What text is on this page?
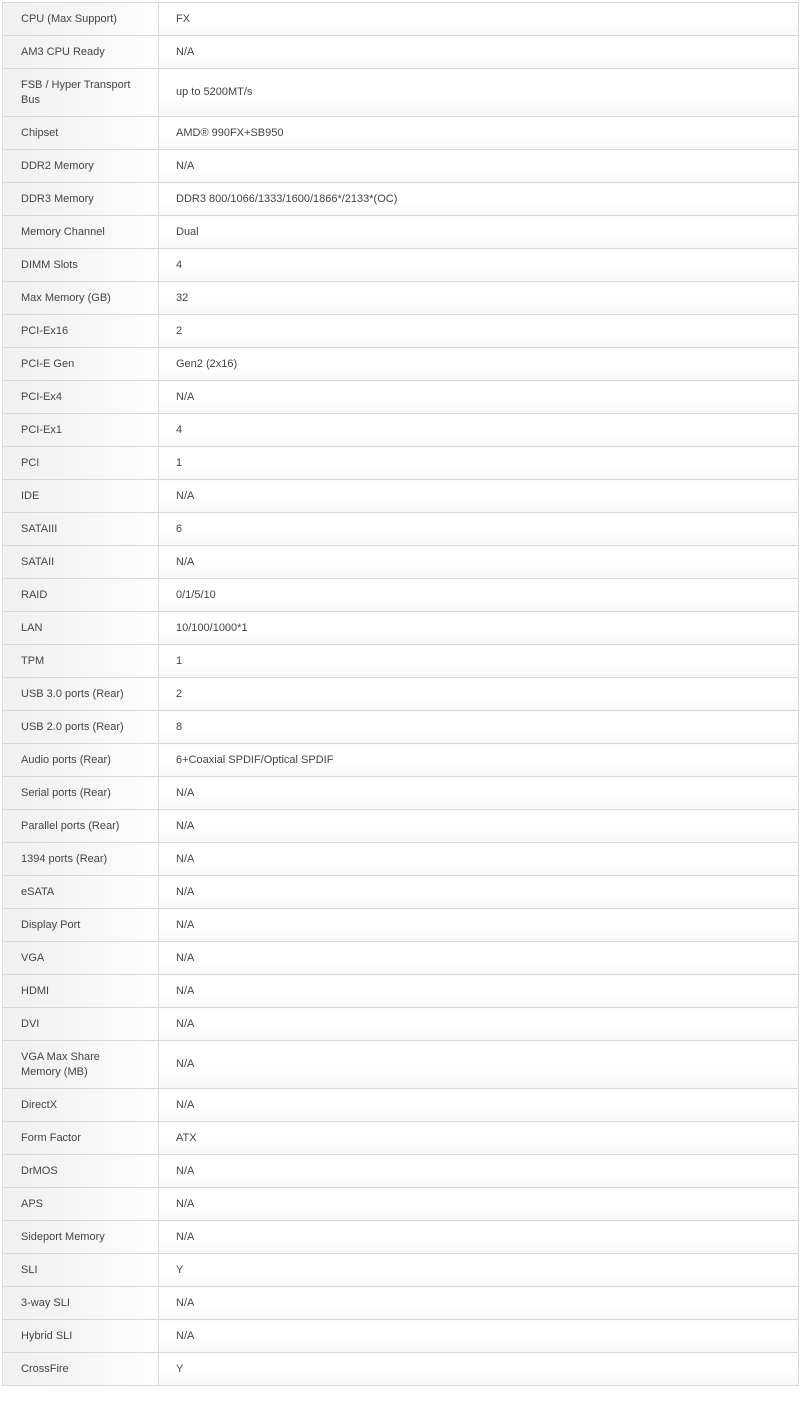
CPU (Max Support)	FX
AM3 CPU Ready	N/A
FSB / Hyper Transport Bus	up to 5200MT/s
Chipset	AMD® 990FX+SB950
DDR2 Memory	N/A
DDR3 Memory	DDR3 800/1066/1333/1600/1866*/2133*(OC)
Memory Channel	Dual
DIMM Slots	4
Max Memory (GB)	32
PCI-Ex16	2
PCI-E Gen	Gen2 (2x16)
PCI-Ex4	N/A
PCI-Ex1	4
PCI	1
IDE	N/A
SATAIII	6
SATAII	N/A
RAID	0/1/5/10
LAN	10/100/1000*1
TPM	1
USB 3.0 ports (Rear)	2
USB 2.0 ports (Rear)	8
Audio ports (Rear)	6+Coaxial SPDIF/Optical SPDIF
Serial ports (Rear)	N/A
Parallel ports (Rear)	N/A
1394 ports (Rear)	N/A
eSATA	N/A
Display Port	N/A
VGA	N/A
HDMI	N/A
DVI	N/A
VGA Max Share Memory (MB)	N/A
DirectX	N/A
Form Factor	ATX
DrMOS	N/A
APS	N/A
Sideport Memory	N/A
SLI	Y
3-way SLI	N/A
Hybrid SLI	N/A
CrossFire	Y
